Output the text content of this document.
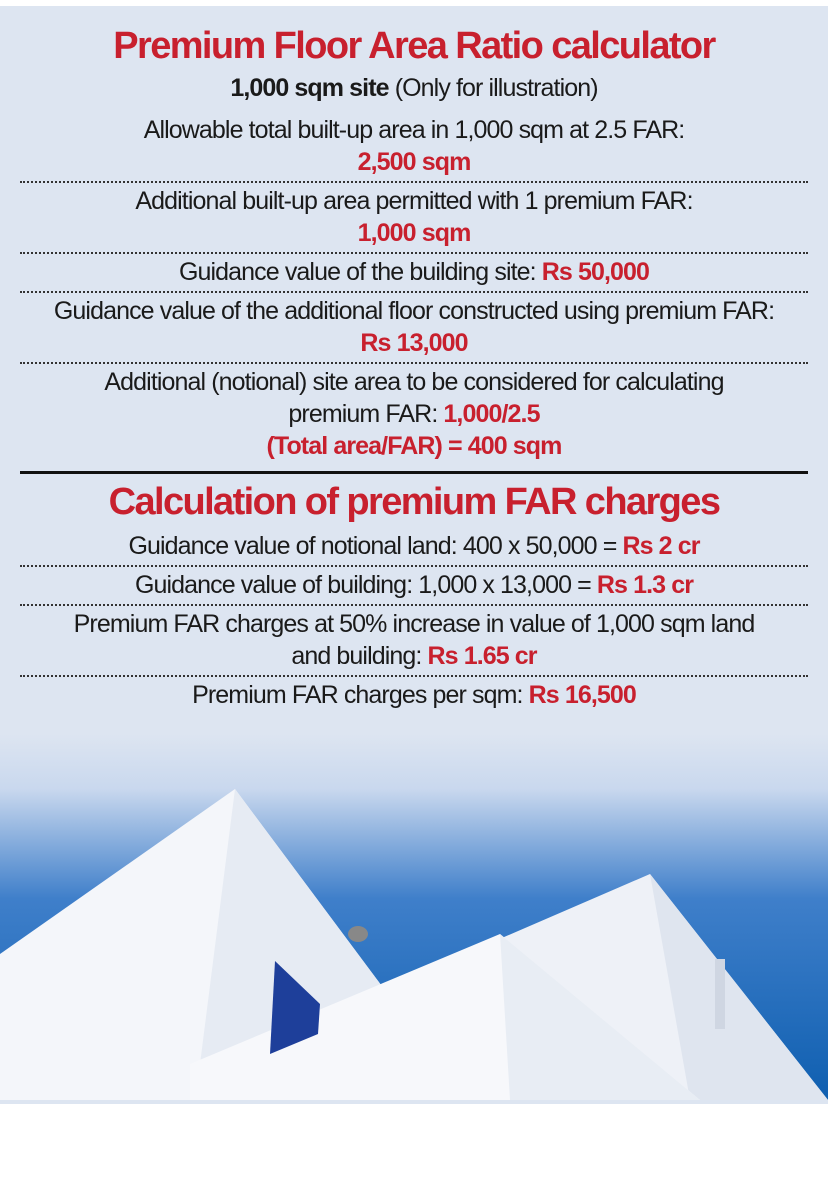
Premium Floor Area Ratio calculator
1,000 sqm site (Only for illustration)
Allowable total built-up area in 1,000 sqm at 2.5 FAR:
2,500 sqm
Additional built-up area permitted with 1 premium FAR:
1,000 sqm
Guidance value of the building site: Rs 50,000
Guidance value of the additional floor constructed using premium FAR: Rs 13,000
Additional (notional) site area to be considered for calculating premium FAR: 1,000/2.5
(Total area/FAR) = 400 sqm
Calculation of premium FAR charges
Guidance value of notional land: 400 x 50,000 = Rs 2 cr
Guidance value of building: 1,000 x 13,000 = Rs 1.3 cr
Premium FAR charges at 50% increase in value of 1,000 sqm land and building: Rs 1.65 cr
Premium FAR charges per sqm: Rs 16,500
